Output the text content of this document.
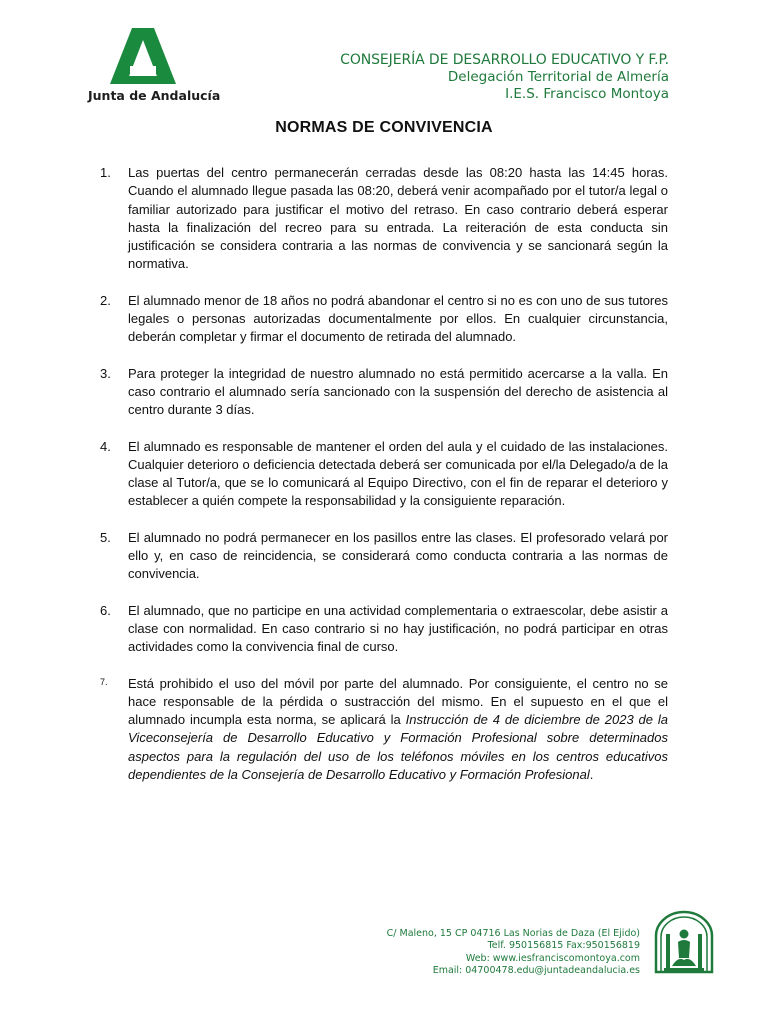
Junta de Andalucía
CONSEJERÍA DE DESARROLLO EDUCATIVO Y F.P.
Delegación Territorial de Almería
I.E.S. Francisco Montoya
NORMAS DE CONVIVENCIA
1. Las puertas del centro permanecerán cerradas desde las 08:20 hasta las 14:45 horas. Cuando el alumnado llegue pasada las 08:20, deberá venir acompañado por el tutor/a legal o familiar autorizado para justificar el motivo del retraso. En caso contrario deberá esperar hasta la finalización del recreo para su entrada. La reiteración de esta conducta sin justificación se considera contraria a las normas de convivencia y se sancionará según la normativa.
2. El alumnado menor de 18 años no podrá abandonar el centro si no es con uno de sus tutores legales o personas autorizadas documentalmente por ellos. En cualquier circunstancia, deberán completar y firmar el documento de retirada del alumnado.
3. Para proteger la integridad de nuestro alumnado no está permitido acercarse a la valla. En caso contrario el alumnado sería sancionado con la suspensión del derecho de asistencia al centro durante 3 días.
4. El alumnado es responsable de mantener el orden del aula y el cuidado de las instalaciones. Cualquier deterioro o deficiencia detectada deberá ser comunicada por el/la Delegado/a de la clase al Tutor/a, que se lo comunicará al Equipo Directivo, con el fin de reparar el deterioro y establecer a quién compete la responsabilidad y la consiguiente reparación.
5. El alumnado no podrá permanecer en los pasillos entre las clases. El profesorado velará por ello y, en caso de reincidencia, se considerará como conducta contraria a las normas de convivencia.
6. El alumnado, que no participe en una actividad complementaria o extraescolar, debe asistir a clase con normalidad. En caso contrario si no hay justificación, no podrá participar en otras actividades como la convivencia final de curso.
7. Está prohibido el uso del móvil por parte del alumnado. Por consiguiente, el centro no se hace responsable de la pérdida o sustracción del mismo. En el supuesto en el que el alumnado incumpla esta norma, se aplicará la Instrucción de 4 de diciembre de 2023 de la Viceconsejería de Desarrollo Educativo y Formación Profesional sobre determinados aspectos para la regulación del uso de los teléfonos móviles en los centros educativos dependientes de la Consejería de Desarrollo Educativo y Formación Profesional.
C/ Maleno, 15 CP 04716 Las Norias de Daza (El Ejido)
Telf. 950156815 Fax:950156819
Web: www.iesfranciscomontoya.com
Email: 04700478.edu@juntadeandalucia.es
